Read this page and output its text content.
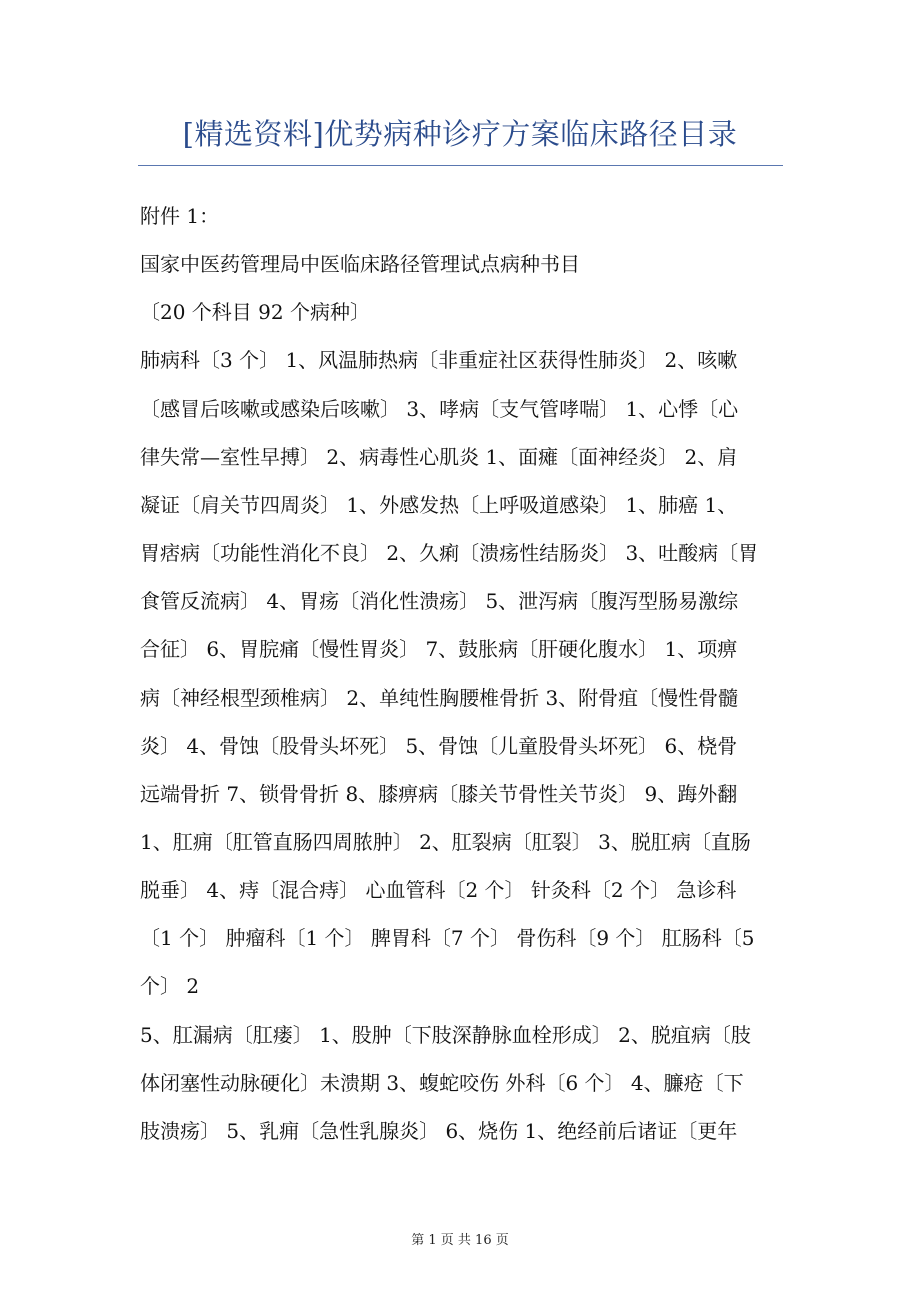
[精选资料]优势病种诊疗方案临床路径目录
附件 1：
国家中医药管理局中医临床路径管理试点病种书目
〔20 个科目 92 个病种〕
肺病科〔3 个〕 1、风温肺热病〔非重症社区获得性肺炎〕 2、咳嗽
〔感冒后咳嗽或感染后咳嗽〕 3、哮病〔支气管哮喘〕 1、心悸〔心
律失常—室性早搏〕 2、病毒性心肌炎 1、面瘫〔面神经炎〕 2、肩
凝证〔肩关节四周炎〕 1、外感发热〔上呼吸道感染〕 1、肺癌 1、
胃痞病〔功能性消化不良〕 2、久痢〔溃疡性结肠炎〕 3、吐酸病〔胃
食管反流病〕 4、胃疡〔消化性溃疡〕 5、泄泻病〔腹泻型肠易激综
合征〕 6、胃脘痛〔慢性胃炎〕 7、鼓胀病〔肝硬化腹水〕 1、项痹
病〔神经根型颈椎病〕 2、单纯性胸腰椎骨折 3、附骨疽〔慢性骨髓
炎〕 4、骨蚀〔股骨头坏死〕 5、骨蚀〔儿童股骨头坏死〕 6、桡骨
远端骨折 7、锁骨骨折 8、膝痹病〔膝关节骨性关节炎〕 9、踇外翻
1、肛痈〔肛管直肠四周脓肿〕 2、肛裂病〔肛裂〕 3、脱肛病〔直肠
脱垂〕 4、痔〔混合痔〕 心血管科〔2 个〕 针灸科〔2 个〕 急诊科
〔1 个〕 肿瘤科〔1 个〕 脾胃科〔7 个〕 骨伤科〔9 个〕 肛肠科〔5
个〕 2
5、肛漏病〔肛瘘〕 1、股肿〔下肢深静脉血栓形成〕 2、脱疽病〔肢
体闭塞性动脉硬化〕未溃期 3、蝮蛇咬伤 外科〔6 个〕 4、臁疮〔下
肢溃疡〕 5、乳痈〔急性乳腺炎〕 6、烧伤 1、绝经前后诸证〔更年
第 1 页 共 16 页
